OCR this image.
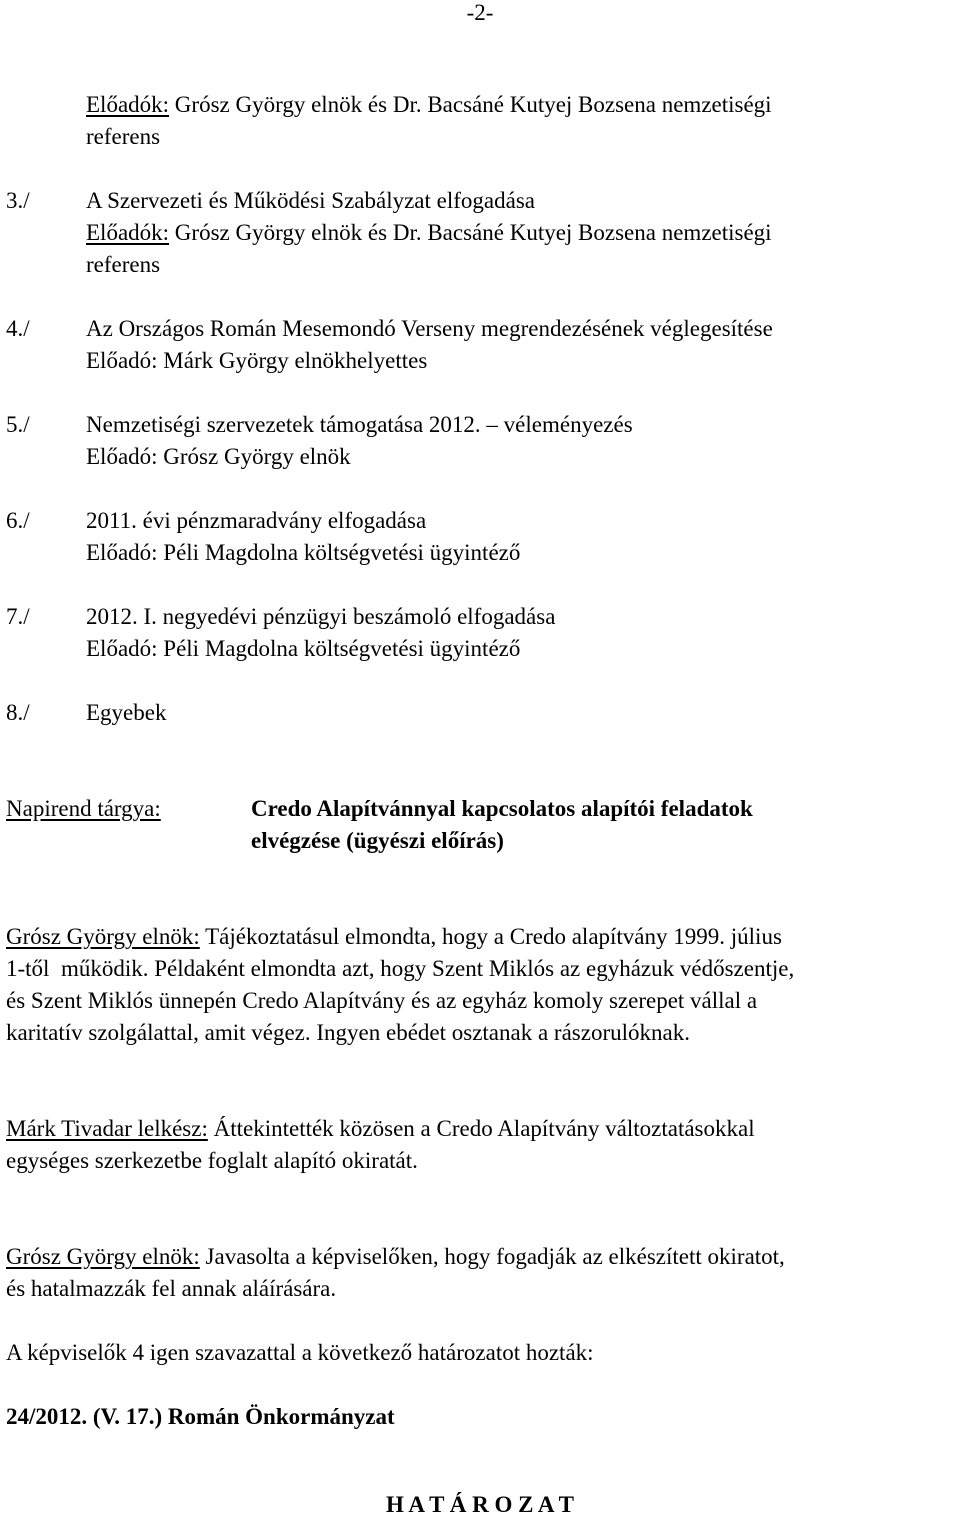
-2-
Előadók: Grósz György elnök és Dr. Bacsáné Kutyej Bozsena nemzetiségi
referens
3./ A Szervezeti és Működési Szabályzat elfogadása
Előadók: Grósz György elnök és Dr. Bacsáné Kutyej Bozsena nemzetiségi
referens
4./ Az Országos Román Mesemondó Verseny megrendezésének véglegesítése
Előadó: Márk György elnökhelyettes
5./ Nemzetiségi szervezetek támogatása 2012. – véleményezés
Előadó: Grósz György elnök
6./ 2011. évi pénzmaradvány elfogadása
Előadó: Péli Magdolna költségvetési ügyintéző
7./ 2012. I. negyedévi pénzügyi beszámoló elfogadása
Előadó: Péli Magdolna költségvetési ügyintéző
8./ Egyebek
Napirend tárgya:	Credo Alapítvánnyal kapcsolatos alapítói feladatok
elvégzése (ügyészi előírás)
Grósz György elnök: Tájékoztatásul elmondta, hogy a Credo alapítvány 1999. július
1-től  működik. Példaként elmondta azt, hogy Szent Miklós az egyházuk védőszentje,
és Szent Miklós ünnepén Credo Alapítvány és az egyház komoly szerepet vállal a
karitatív szolgálattal, amit végez. Ingyen ebédet osztanak a rászorulóknak.
Márk Tivadar lelkész: Áttekintették közösen a Credo Alapítvány változtatásokkal
egységes szerkezetbe foglalt alapító okiratát.
Grósz György elnök: Javasolta a képviselőken, hogy fogadják az elkészített okiratot,
és hatalmazzák fel annak aláírására.
A képviselők 4 igen szavazattal a következő határozatot hozták:
24/2012. (V. 17.) Román Önkormányzat
H A T Á R O Z A T
